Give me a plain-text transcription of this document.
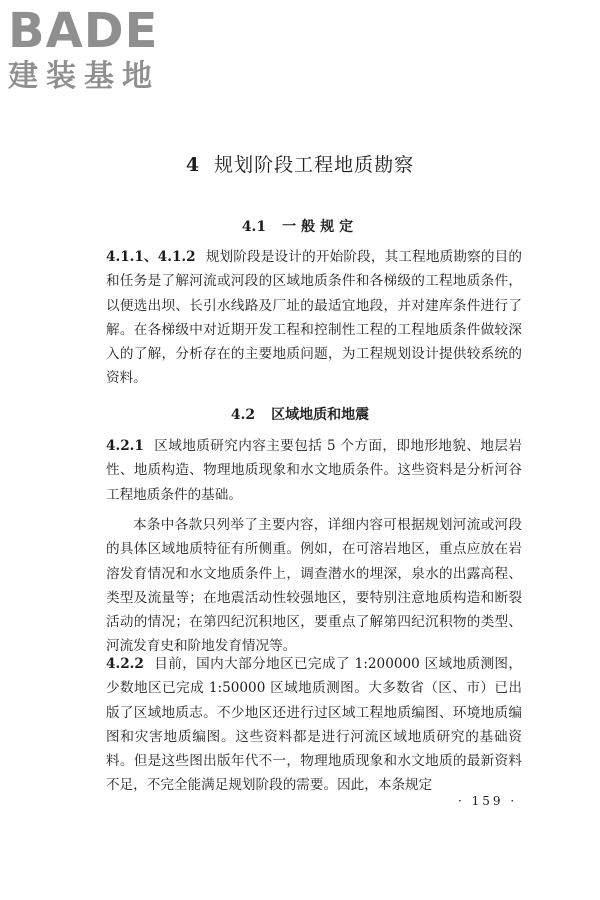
BADE
建装基地
4 规划阶段工程地质勘察
4.1 一般规定

4.1.1、4.1.2 规划阶段是设计的开始阶段，其工程地质勘察的目的和任务是了解河流或河段的区域地质条件和各梯级的工程地质条件，以便选出坝、长引水线路及厂址的最适宜地段，并对建库条件进行了解。在各梯级中对近期开发工程和控制性工程的工程地质条件做较深入的了解，分析存在的主要地质问题，为工程规划设计提供较系统的资料。

4.2 区域地质和地震

4.2.1 区域地质研究内容主要包括 5 个方面，即地形地貌、地层岩性、地质构造、物理地质现象和水文地质条件。这些资料是分析河谷工程地质条件的基础。

本条中各款只列举了主要内容，详细内容可根据规划河流或河段的具体区域地质特征有所侧重。例如，在可溶岩地区，重点应放在岩溶发育情况和水文地质条件上，调查潜水的埋深，泉水的出露高程、类型及流量等；在地震活动性较强地区，要特别注意地质构造和断裂活动的情况；在第四纪沉积地区，要重点了解第四纪沉积物的类型、河流发育史和阶地发育情况等。

4.2.2 目前，国内大部分地区已完成了 1:200000 区域地质测图，少数地区已完成 1:50000 区域地质测图。大多数省（区、市）已出版了区域地质志。不少地区还进行过区域工程地质编图、环境地质编图和灾害地质编图。这些资料都是进行河流区域地质研究的基础资料。但是这些图出版年代不一，物理地质现象和水文地质的最新资料不足，不完全能满足规划阶段的需要。因此，本条规定

· 159 ·
